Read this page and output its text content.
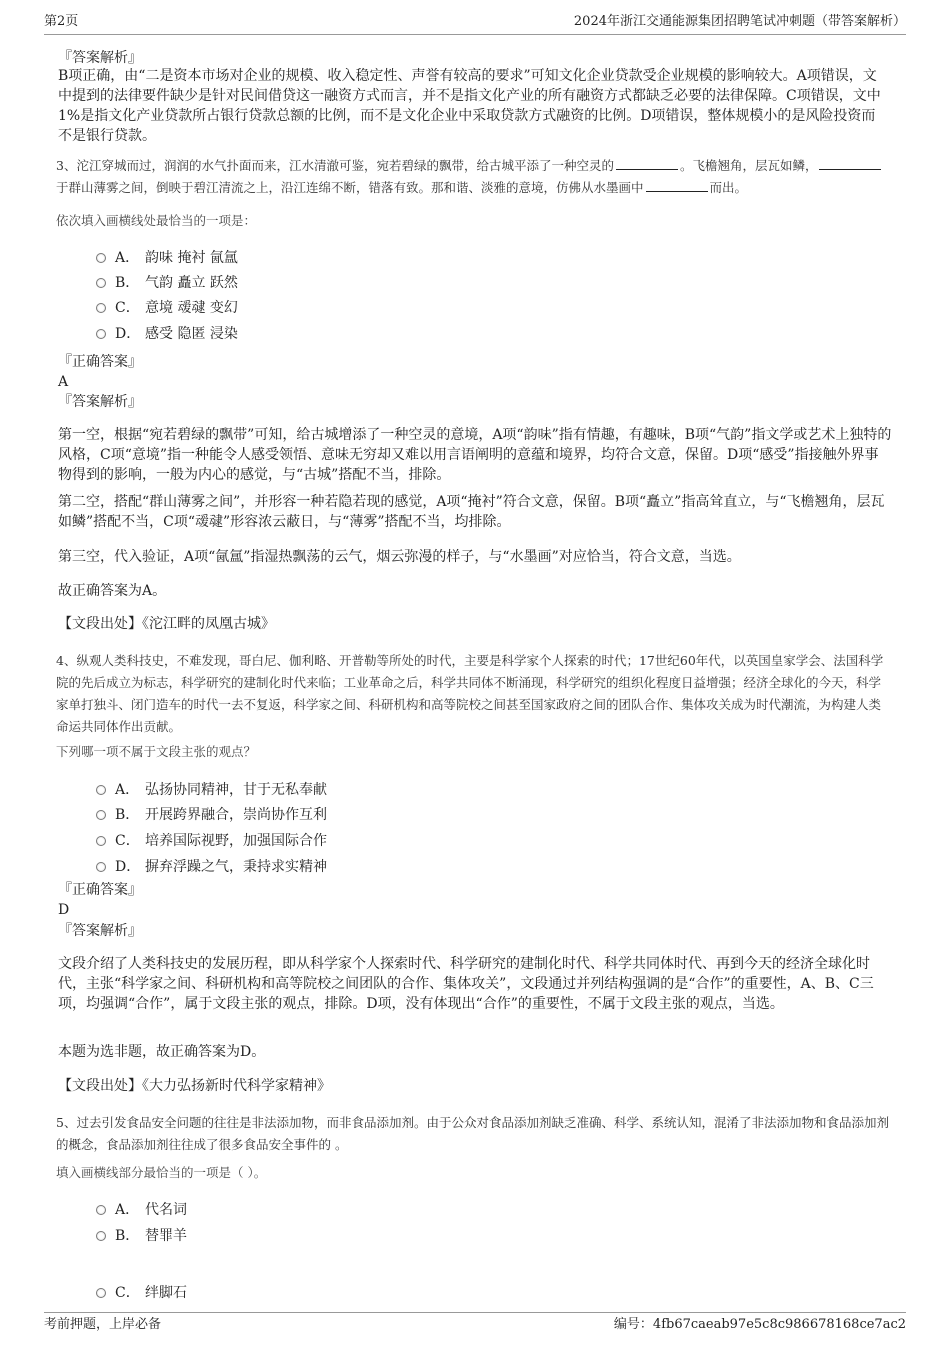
第2页	2024年浙江交通能源集团招聘笔试冲刺题（带答案解析）
『答案解析』
B项正确，由“二是资本市场对企业的规模、收入稳定性、声誉有较高的要求”可知文化企业贷款受企业规模的影响较大。A项错误，文中提到的法律要件缺少是针对民间借贷这一融资方式而言，并不是指文化产业的所有融资方式都缺乏必要的法律保障。C项错误，文中1%是指文化产业贷款所占银行贷款总额的比例，而不是文化企业中采取贷款方式融资的比例。D项错误，整体规模小的是风险投资而不是银行贷款。
3、沱江穿城而过，润润的水气扑面而来，江水清澈可鉴，宛若碧绿的飘带，给古城平添了一种空灵的	。飞檐翘角，层瓦如鳞，于群山薄雾之间，倒映于碧江清流之上，沿江连绵不断，错落有致。那和谐、淡雅的意境，仿佛从水墨画中	而出。
依次填入画横线处最恰当的一项是：
A． 韵味 掩衬 氤氲
B． 气韵 矗立 跃然
C． 意境 叆叇 变幻
D． 感受 隐匿 浸染
『正确答案』
A
『答案解析』
第一空，根据“宛若碧绿的飘带”可知，给古城增添了一种空灵的意境，A项“韵味”指有情趣，有趣味，B项“气韵”指文学或艺术上独特的风格，C项“意境”指一种能令人感受领悟、意味无穷却又难以用言语阐明的意蕴和境界，均符合文意，保留。D项“感受”指接触外界事物得到的影响，一般为内心的感觉，与“古城”搭配不当，排除。
第二空，搭配“群山薄雾之间”，并形容一种若隐若现的感觉，A项“掩衬”符合文意，保留。B项“矗立”指高耸直立，与“飞檐翘角，层瓦如鳞”搭配不当，C项“叆叇”形容浓云蔽日，与“薄雾”搭配不当，均排除。
第三空，代入验证，A项“氤氲”指湿热飘荡的云气，烟云弥漫的样子，与“水墨画”对应恰当，符合文意，当选。
故正确答案为A。
【文段出处】《沱江畔的凤凰古城》
4、纵观人类科技史，不难发现，哥白尼、伽利略、开普勒等所处的时代，主要是科学家个人探索的时代；17世纪60年代，以英国皇家学会、法国科学院的先后成立为标志，科学研究的建制化时代来临；工业革命之后，科学共同体不断涌现，科学研究的组织化程度日益增强；经济全球化的今天，科学家单打独斗、闭门造车的时代一去不复返，科学家之间、科研机构和高等院校之间甚至国家政府之间的团队合作、集体攻关成为时代潮流，为构建人类命运共同体作出贡献。
下列哪一项不属于文段主张的观点？
A． 弘扬协同精神，甘于无私奉献
B． 开展跨界融合，崇尚协作互利
C． 培养国际视野，加强国际合作
D． 摒弃浮躁之气，秉持求实精神
『正确答案』
D
『答案解析』
文段介绍了人类科技史的发展历程，即从科学家个人探索时代、科学研究的建制化时代、科学共同体时代、再到今天的经济全球化时代，主张“科学家之间、科研机构和高等院校之间团队的合作、集体攻关”，文段通过并列结构强调的是“合作”的重要性，A、B、C三项，均强调“合作”，属于文段主张的观点，排除。D项，没有体现出“合作”的重要性，不属于文段主张的观点，当选。
本题为选非题，故正确答案为D。
【文段出处】《大力弘扬新时代科学家精神》
5、过去引发食品安全问题的往往是非法添加物，而非食品添加剂。由于公众对食品添加剂缺乏准确、科学、系统认知，混淆了非法添加物和食品添加剂的概念，食品添加剂往往成了很多食品安全事件的 。
填入画横线部分最恰当的一项是（ ）。
A． 代名词
B． 替罪羊
C． 绊脚石
考前押题，上岸必备	编号：4fb67caeab97e5c8c986678168ce7ac2
